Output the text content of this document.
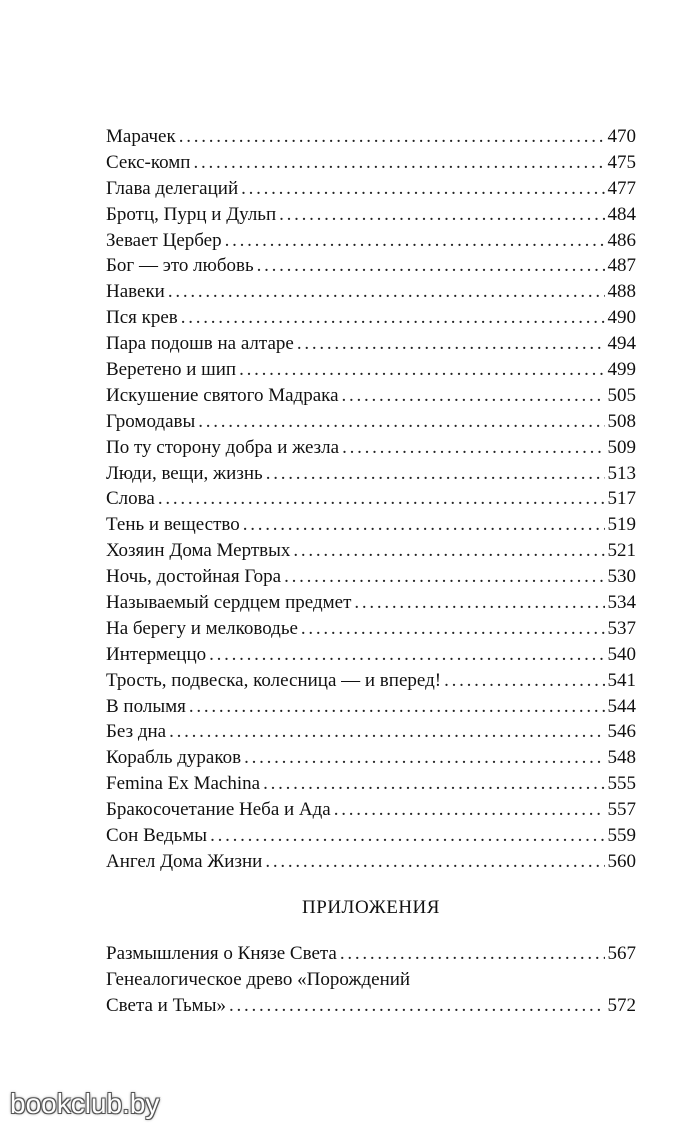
Марачек . . .	470
Секс-комп . . .	475
Глава делегаций . . .	477
Бротц, Пурц и Дульп . . .	484
Зевает Цербер . . .	486
Бог — это любовь . . .	487
Навеки . . .	488
Пся крев . . .	490
Пара подошв на алтаре . . .	494
Веретено и шип . . .	499
Искушение святого Мадрака . . .	505
Громодавы . . .	508
По ту сторону добра и жезла . . .	509
Люди, вещи, жизнь . . .	513
Слова . . .	517
Тень и вещество . . .	519
Хозяин Дома Мертвых . . .	521
Ночь, достойная Гора . . .	530
Называемый сердцем предмет . . .	534
На берегу и мелководье . . .	537
Интермеццо . . .	540
Трость, подвеска, колесница — и вперед! . . .	541
В полымя . . .	544
Без дна . . .	546
Корабль дураков . . .	548
Femina Ex Machina . . .	555
Бракосочетание Неба и Ада . . .	557
Сон Ведьмы . . .	559
Ангел Дома Жизни . . .	560
ПРИЛОЖЕНИЯ
Размышления о Князе Света . . .	567
Генеалогическое древо «Порождений
Света и Тьмы» . . .	572
bookclub.by
